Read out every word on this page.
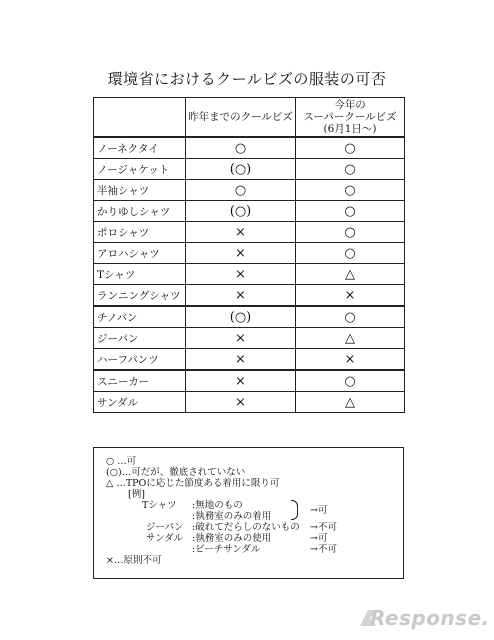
環境省におけるクールビズの服装の可否
	昨年までのクールビズ	今年の
スーパークールビズ
(6月1日～)

ノーネクタイ	○	○
ノージャケット	(○)	○
半袖シャツ	○	○
かりゆしシャツ	(○)	○
ポロシャツ	×	○
アロハシャツ	×	○
Tシャツ	×	△
ランニングシャツ	×	×
チノパン	(○)	○
ジーパン	×	△
ハーフパンツ	×	×
スニーカー	×	○
サンダル	×	△
○ …可
(○)…可だが、徹底されていない
△ …TPOに応じた節度ある着用に限り可
[例]
Tシャツ :無地のもの
:執務室のみの着用
→可
ジーパン :破れてだらしのないもの →不可
サンダル :執務室のみの使用	→可
:ビーチサンダル	→不可
×…原則不可
Response.
